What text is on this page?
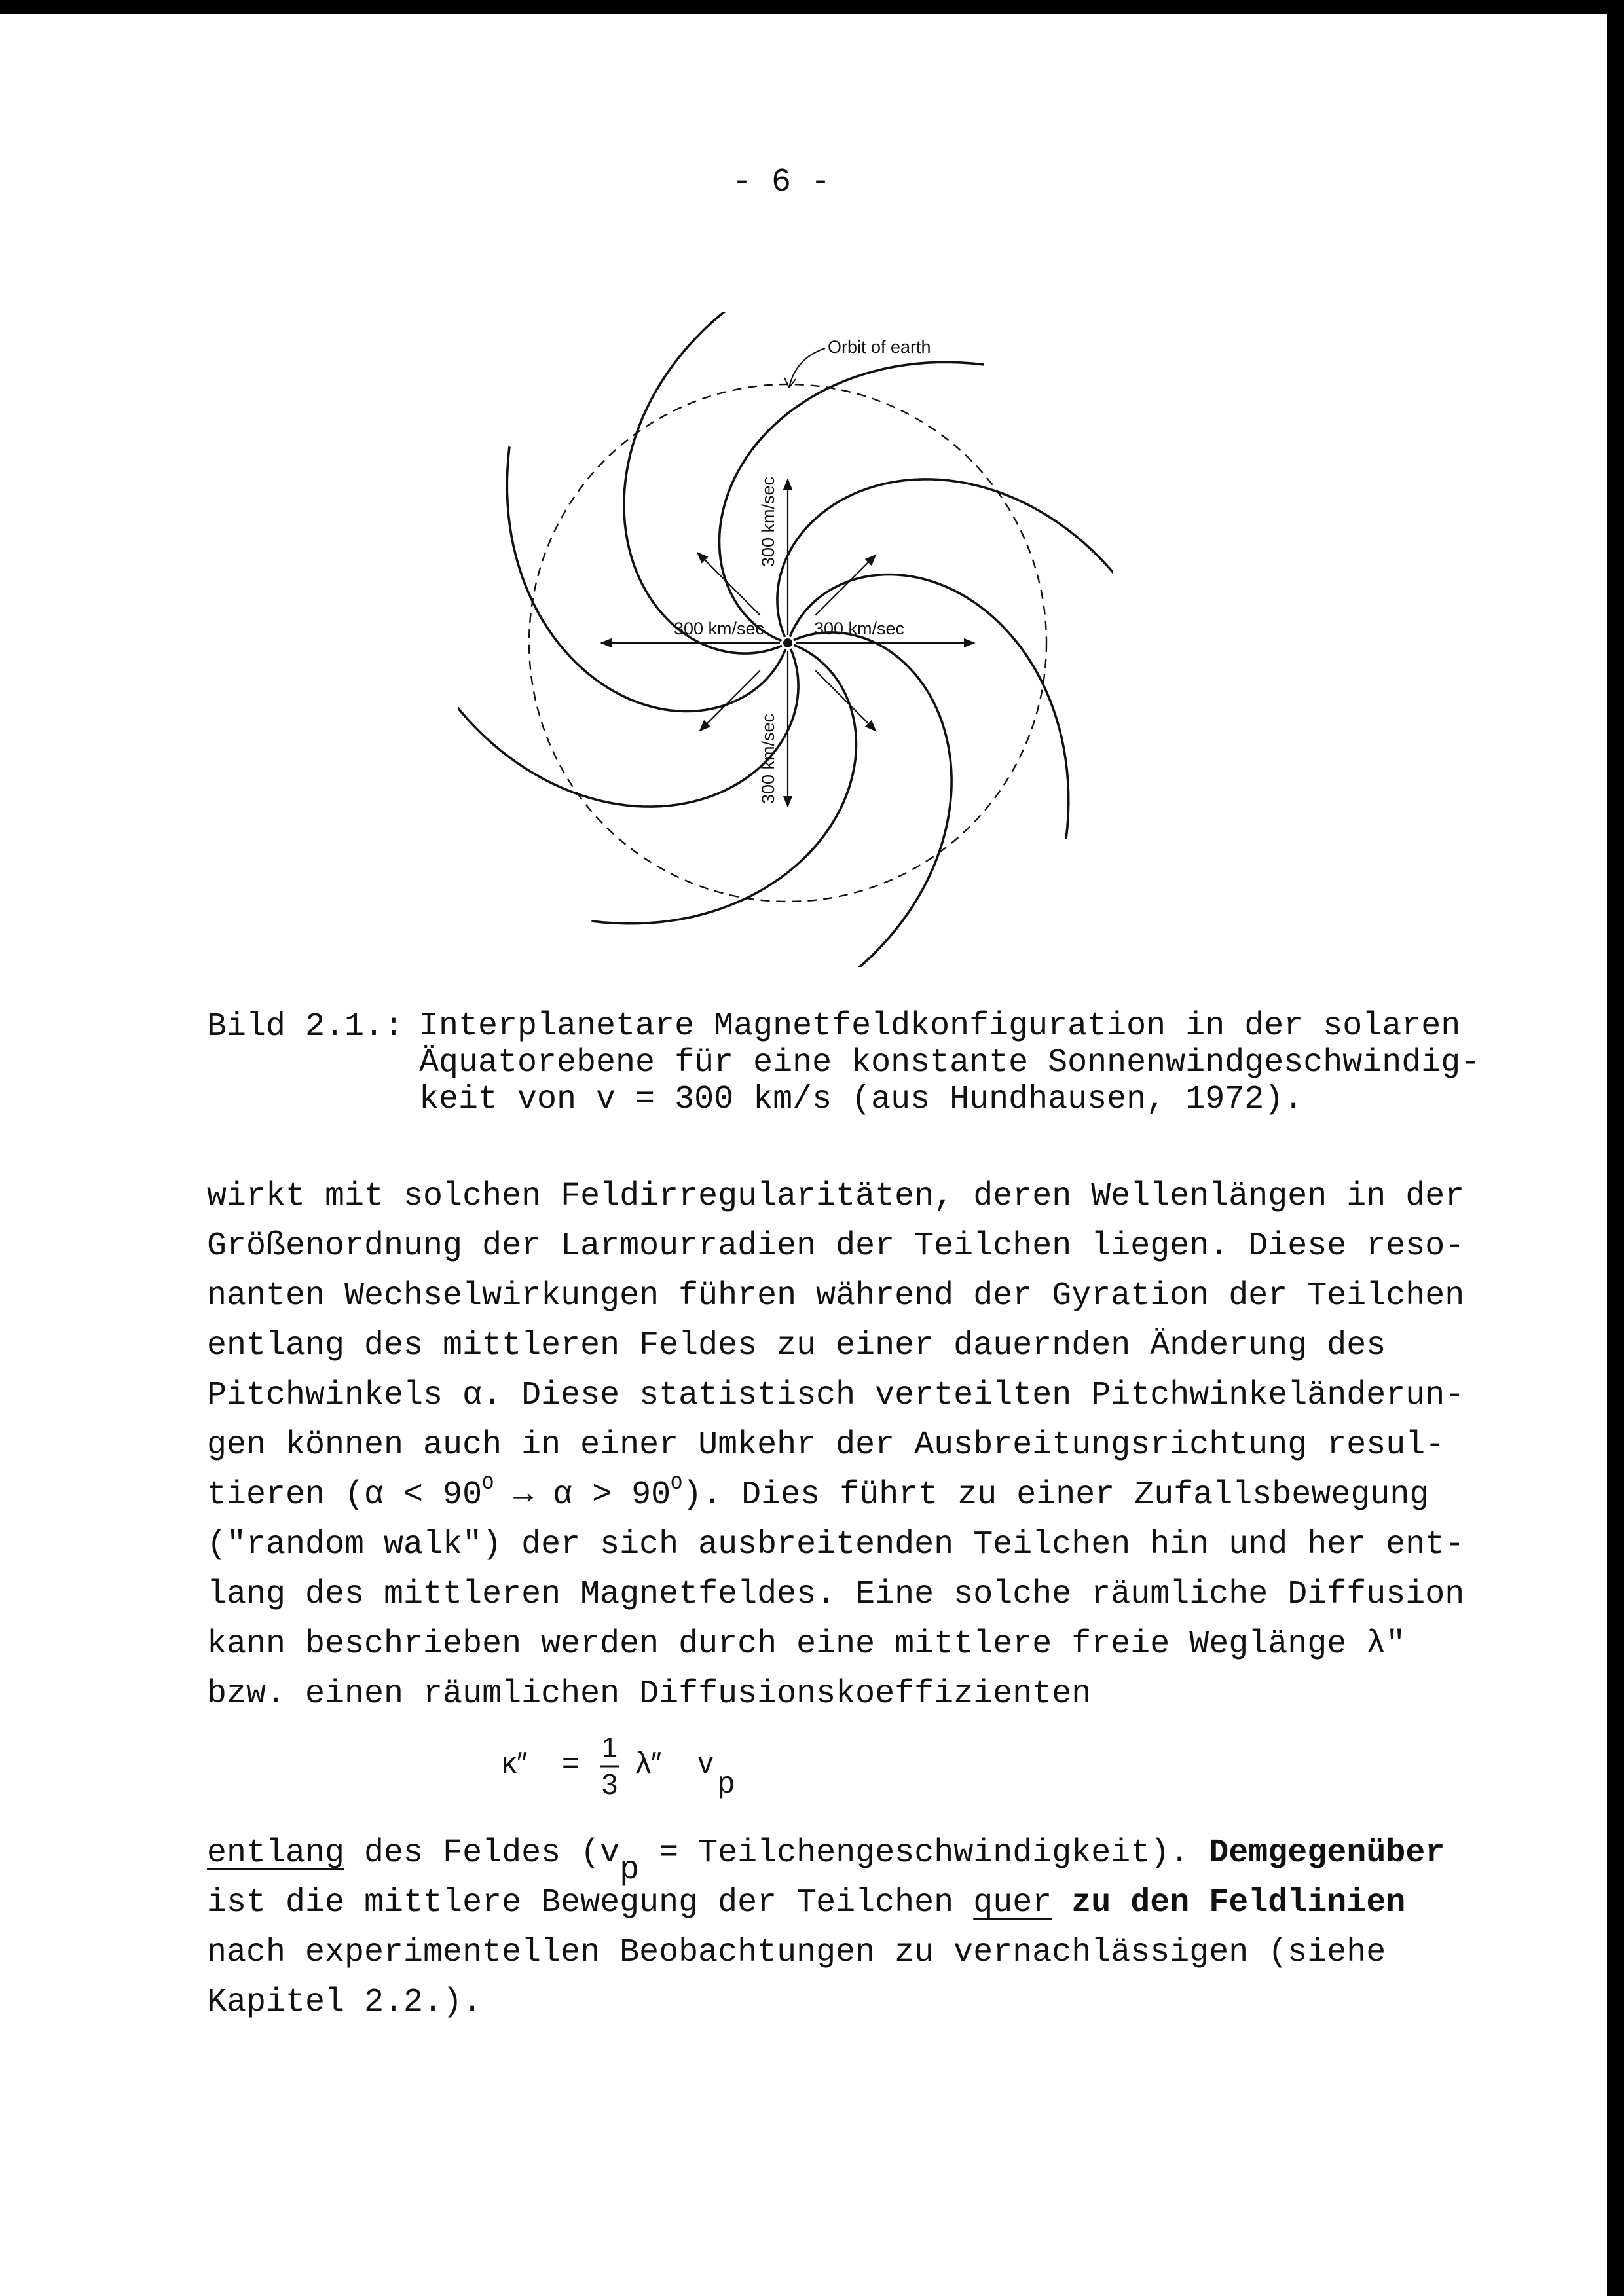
- 6 -
Orbit of earth
300 km/sec	300 km/sec
300 km/sec
300 km/sec
Bild 2.1.: Interplanetare Magnetfeldkonfiguration in der solaren
Äquatorebene für eine konstante Sonnenwindgeschwindig-
keit von v = 300 km/s (aus Hundhausen, 1972).
wirkt mit solchen Feldirregularitäten, deren Wellenlängen in der
Größenordnung der Larmourradien der Teilchen liegen. Diese reso-
nanten Wechselwirkungen führen während der Gyration der Teilchen
entlang des mittleren Feldes zu einer dauernden Änderung des
Pitchwinkels α. Diese statistisch verteilten Pitchwinkeländerun-
gen können auch in einer Umkehr der Ausbreitungsrichtung resul-
tieren $(\alpha < 90^O \to \alpha > 90^O)$. Dies führt zu einer Zufallsbewegung
("random walk") der sich ausbreitenden Teilchen hin und her ent-
lang des mittleren Magnetfeldes. Eine solche räumliche Diffusion
kann beschrieben werden durch eine mittlere freie Weglänge λ″
bzw. einen räumlichen Diffusionskoeffizienten
κ″ = 1
3
λ″ v
p
entlang des Feldes (vp = Teilchengeschwindigkeit). Demgegenüber
ist die mittlere Bewegung der Teilchen quer zu den Feldlinien
nach experimentellen Beobachtungen zu vernachlässigen (siehe
Kapitel 2.2.).
